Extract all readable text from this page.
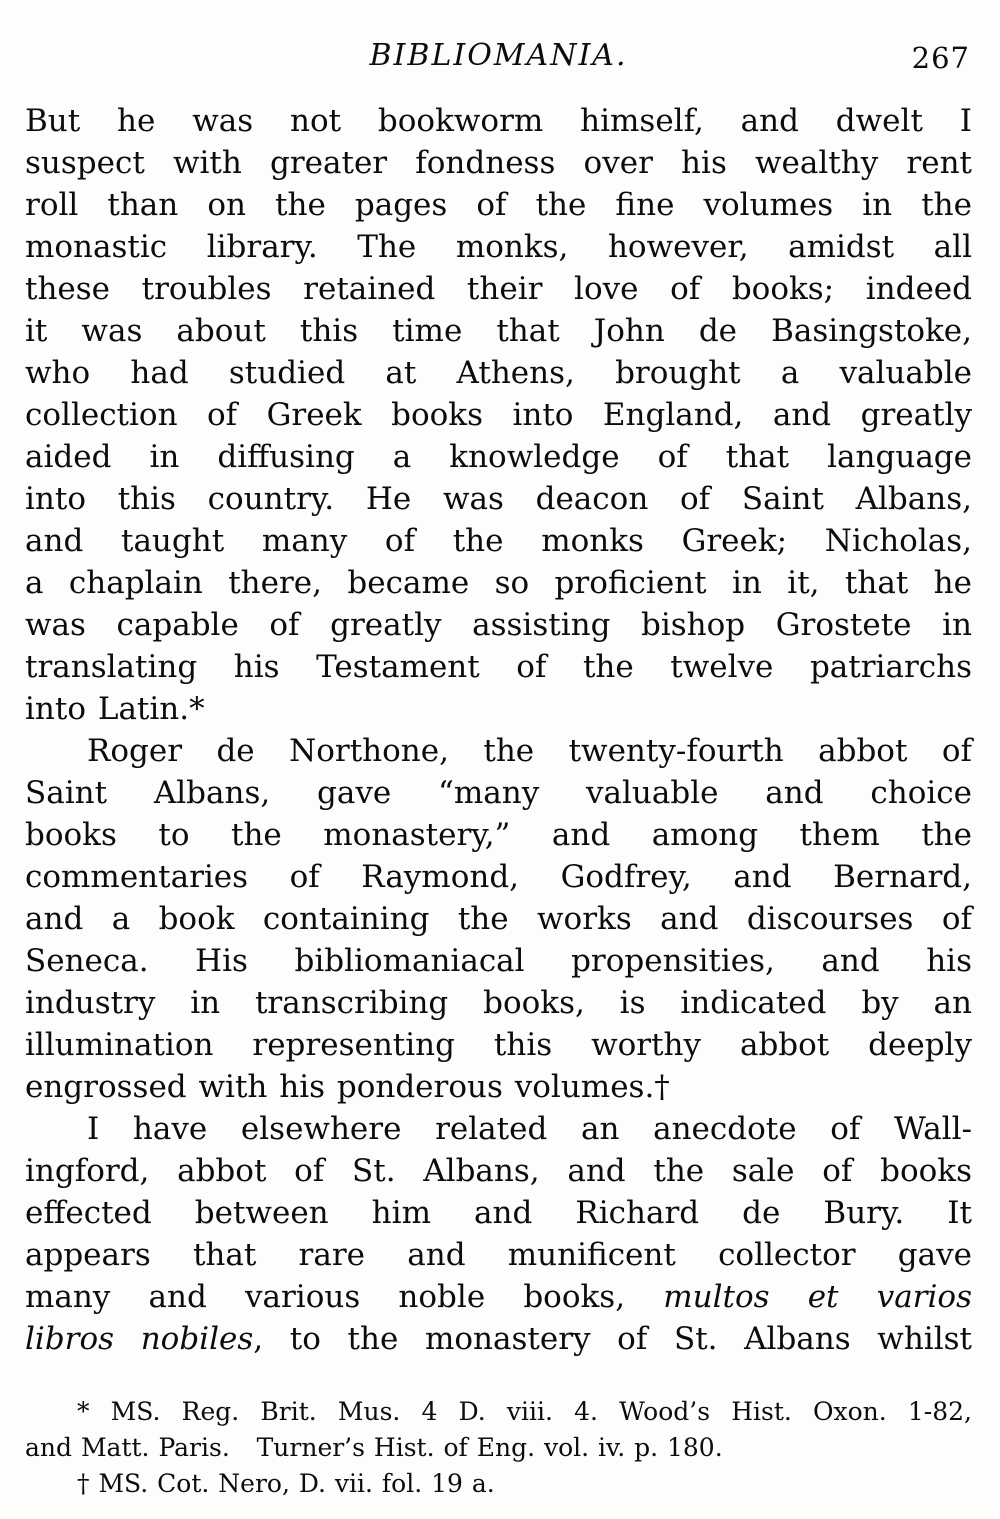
BIBLIOMANIA.	267
But he was not bookworm himself, and dwelt I
suspect with greater fondness over his wealthy rent
roll than on the pages of the fine volumes in the
monastic library. The monks, however, amidst all
these troubles retained their love of books; indeed
it was about this time that John de Basingstoke,
who had studied at Athens, brought a valuable
collection of Greek books into England, and greatly
aided in diffusing a knowledge of that language
into this country. He was deacon of Saint Albans,
and taught many of the monks Greek; Nicholas,
a chaplain there, became so proficient in it, that he
was capable of greatly assisting bishop Grostete in
translating his Testament of the twelve patriarchs
into Latin.*
Roger de Northone, the twenty-fourth abbot of
Saint Albans, gave “many valuable and choice
books to the monastery,” and among them the
commentaries of Raymond, Godfrey, and Bernard,
and a book containing the works and discourses of
Seneca. His bibliomaniacal propensities, and his
industry in transcribing books, is indicated by an
illumination representing this worthy abbot deeply
engrossed with his ponderous volumes.†
I have elsewhere related an anecdote of Wall-
ingford, abbot of St. Albans, and the sale of books
effected between him and Richard de Bury. It
appears that rare and munificent collector gave
many and various noble books, multos et varios
libros nobiles, to the monastery of St. Albans whilst
* MS. Reg. Brit. Mus. 4 D. viii. 4. Wood’s Hist. Oxon. 1-82,
and Matt. Paris.   Turner’s Hist. of Eng. vol. iv. p. 180.
† MS. Cot. Nero, D. vii. fol. 19 a.
